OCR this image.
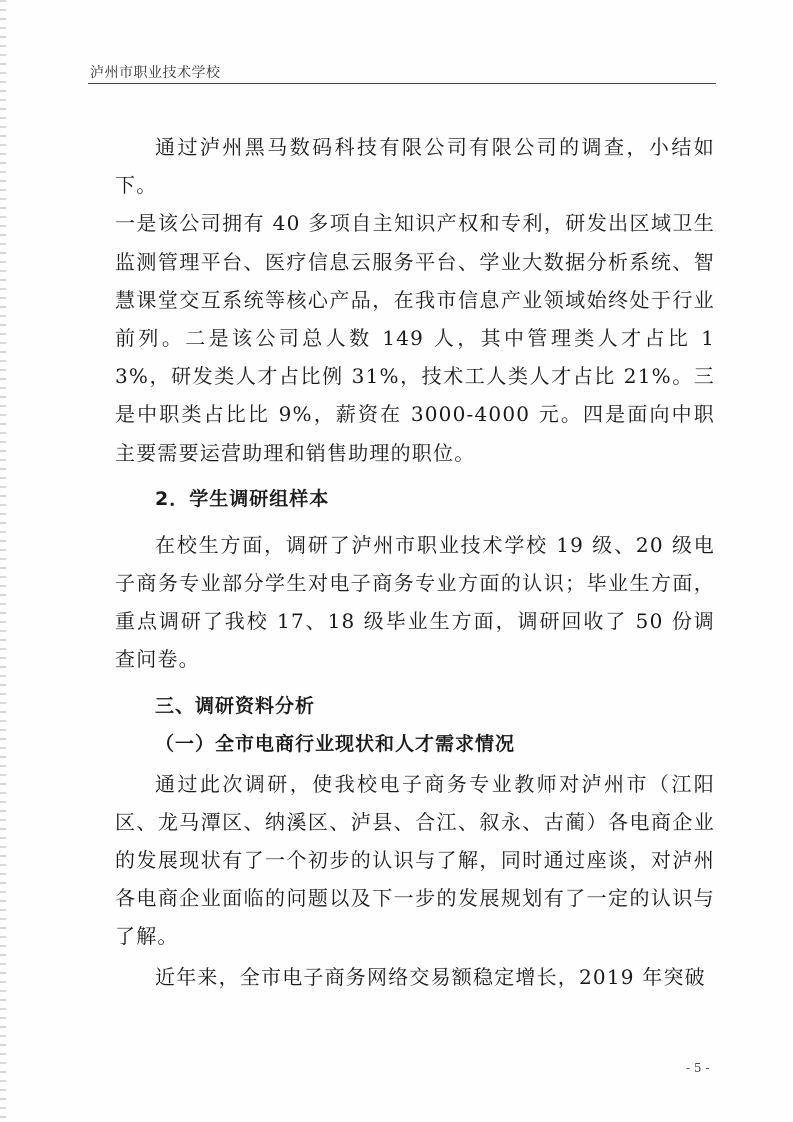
泸州市职业技术学校

通过泸州黑马数码科技有限公司有限公司的调查，小结如下。

一是该公司拥有 40 多项自主知识产权和专利，研发出区域卫生监测管理平台、医疗信息云服务平台、学业大数据分析系统、智慧课堂交互系统等核心产品，在我市信息产业领域始终处于行业前列。二是该公司总人数 149 人，其中管理类人才占比 13%，研发类人才占比例 31%，技术工人类人才占比 21%。三是中职类占比比 9%，薪资在 3000-4000 元。四是面向中职主要需要运营助理和销售助理的职位。

2．学生调研组样本

在校生方面，调研了泸州市职业技术学校 19 级、20 级电子商务专业部分学生对电子商务专业方面的认识；毕业生方面，重点调研了我校 17、18 级毕业生方面，调研回收了 50 份调查问卷。

三、调研资料分析

（一）全市电商行业现状和人才需求情况

通过此次调研，使我校电子商务专业教师对泸州市（江阳区、龙马潭区、纳溪区、泸县、合江、叙永、古蔺）各电商企业的发展现状有了一个初步的认识与了解，同时通过座谈，对泸州各电商企业面临的问题以及下一步的发展规划有了一定的认识与了解。

近年来，全市电子商务网络交易额稳定增长，2019 年突破

- 5 -
